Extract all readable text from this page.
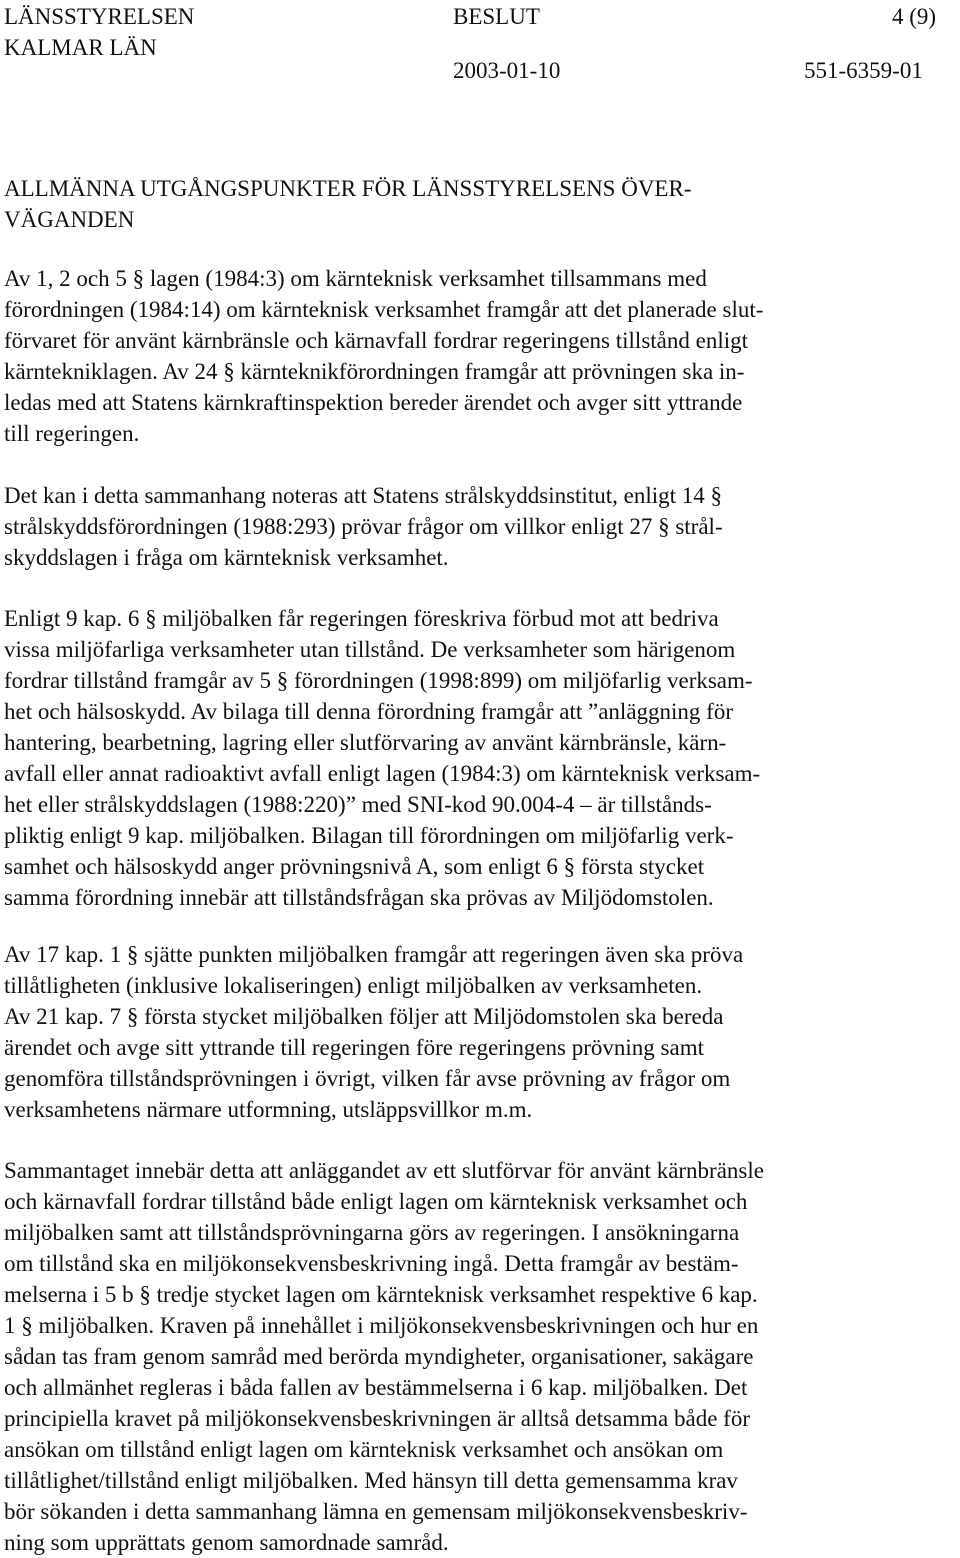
LÄNSSTYRELSEN
KALMAR LÄN
BESLUT
2003-01-10
4 (9)
551-6359-01
ALLMÄNNA UTGÅNGSPUNKTER FÖR LÄNSSTYRELSENS ÖVER-
VÄGANDEN
Av 1, 2 och 5 § lagen (1984:3) om kärnteknisk verksamhet tillsammans med
förordningen (1984:14) om kärnteknisk verksamhet framgår att det planerade slut-
förvaret för använt kärnbränsle och kärnavfall fordrar regeringens tillstånd enligt
kärntekniklagen. Av 24 § kärnteknikförordningen framgår att prövningen ska in-
ledas med att Statens kärnkraftinspektion bereder ärendet och avger sitt yttrande
till regeringen.
Det kan i detta sammanhang noteras att Statens strålskyddsinstitut, enligt 14 §
strålskyddsförordningen (1988:293) prövar frågor om villkor enligt 27 § strål-
skyddslagen i fråga om kärnteknisk verksamhet.
Enligt 9 kap. 6 § miljöbalken får regeringen föreskriva förbud mot att bedriva
vissa miljöfarliga verksamheter utan tillstånd. De verksamheter som härigenom
fordrar tillstånd framgår av 5 § förordningen (1998:899) om miljöfarlig verksam-
het och hälsoskydd. Av bilaga till denna förordning framgår att ”anläggning för
hantering, bearbetning, lagring eller slutförvaring av använt kärnbränsle, kärn-
avfall eller annat radioaktivt avfall enligt lagen (1984:3) om kärnteknisk verksam-
het eller strålskyddslagen (1988:220)” med SNI-kod 90.004-4 – är tillstånds-
pliktig enligt 9 kap. miljöbalken. Bilagan till förordningen om miljöfarlig verk-
samhet och hälsoskydd anger prövningsnivå A, som enligt 6 § första stycket
samma förordning innebär att tillståndsfrågan ska prövas av Miljödomstolen.
Av 17 kap. 1 § sjätte punkten miljöbalken framgår att regeringen även ska pröva
tillåtligheten (inklusive lokaliseringen) enligt miljöbalken av verksamheten.
Av 21 kap. 7 § första stycket miljöbalken följer att Miljödomstolen ska bereda
ärendet och avge sitt yttrande till regeringen före regeringens prövning samt
genomföra tillståndsprövningen i övrigt, vilken får avse prövning av frågor om
verksamhetens närmare utformning, utsläppsvillkor m.m.
Sammantaget innebär detta att anläggandet av ett slutförvar för använt kärnbränsle
och kärnavfall fordrar tillstånd både enligt lagen om kärnteknisk verksamhet och
miljöbalken samt att tillståndsprövningarna görs av regeringen. I ansökningarna
om tillstånd ska en miljökonsekvensbeskrivning ingå. Detta framgår av bestäm-
melserna i 5 b § tredje stycket lagen om kärnteknisk verksamhet respektive 6 kap.
1 § miljöbalken. Kraven på innehållet i miljökonsekvensbeskrivningen och hur en
sådan tas fram genom samråd med berörda myndigheter, organisationer, sakägare
och allmänhet regleras i båda fallen av bestämmelserna i 6 kap. miljöbalken. Det
principiella kravet på miljökonsekvensbeskrivningen är alltså detsamma både för
ansökan om tillstånd enligt lagen om kärnteknisk verksamhet och ansökan om
tillåtlighet/tillstånd enligt miljöbalken. Med hänsyn till detta gemensamma krav
bör sökanden i detta sammanhang lämna en gemensam miljökonsekvensbeskriv-
ning som upprättats genom samordnade samråd.
